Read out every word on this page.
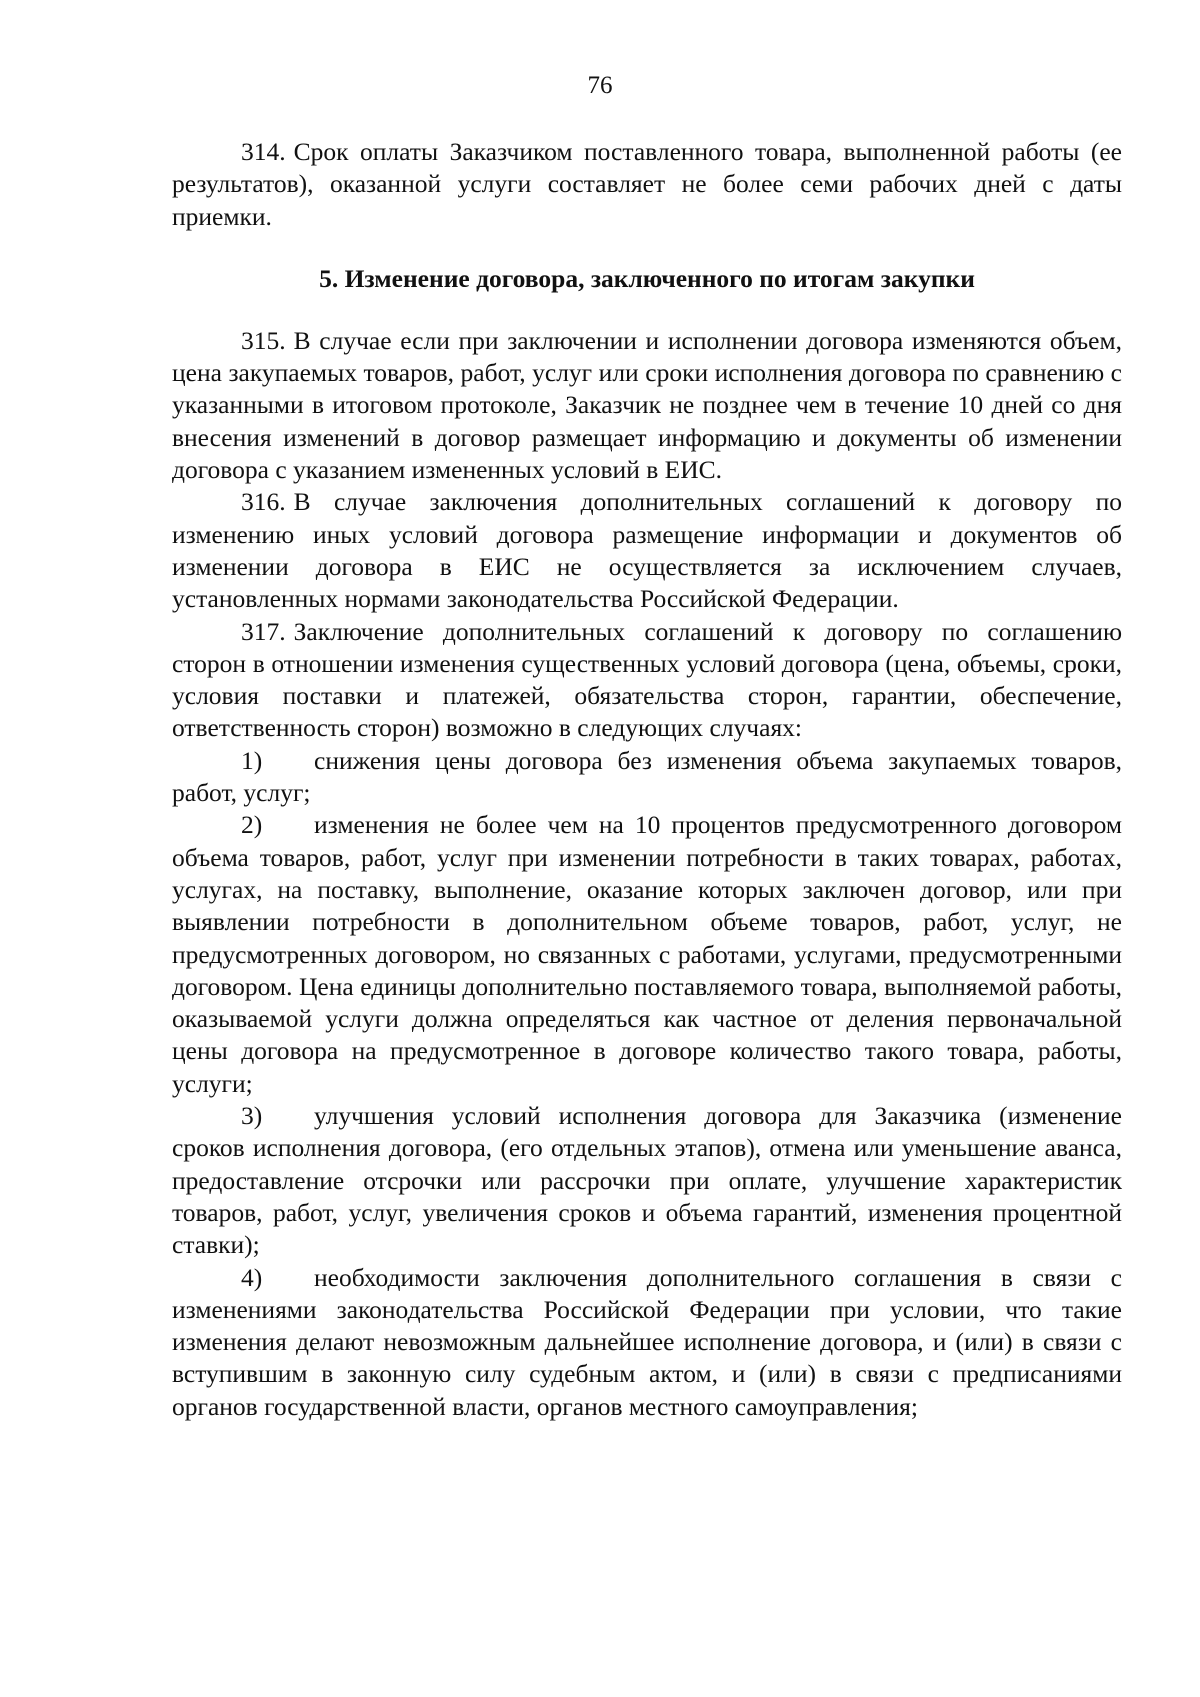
76

314. Срок оплаты Заказчиком поставленного товара, выполненной работы (ее результатов), оказанной услуги составляет не более семи рабочих дней с даты приемки.

5. Изменение договора, заключенного по итогам закупки

315. В случае если при заключении и исполнении договора изменяются объем, цена закупаемых товаров, работ, услуг или сроки исполнения договора по сравнению с указанными в итоговом протоколе, Заказчик не позднее чем в течение 10 дней со дня внесения изменений в договор размещает информацию и документы об изменении договора с указанием измененных условий в ЕИС.

316. В случае заключения дополнительных соглашений к договору по изменению иных условий договора размещение информации и документов об изменении договора в ЕИС не осуществляется за исключением случаев, установленных нормами законодательства Российской Федерации.

317. Заключение дополнительных соглашений к договору по соглашению сторон в отношении изменения существенных условий договора (цена, объемы, сроки, условия поставки и платежей, обязательства сторон, гарантии, обеспечение, ответственность сторон) возможно в следующих случаях:

1) снижения цены договора без изменения объема закупаемых товаров, работ, услуг;

2) изменения не более чем на 10 процентов предусмотренного договором объема товаров, работ, услуг при изменении потребности в таких товарах, работах, услугах, на поставку, выполнение, оказание которых заключен договор, или при выявлении потребности в дополнительном объеме товаров, работ, услуг, не предусмотренных договором, но связанных с работами, услугами, предусмотренными договором. Цена единицы дополнительно поставляемого товара, выполняемой работы, оказываемой услуги должна определяться как частное от деления первоначальной цены договора на предусмотренное в договоре количество такого товара, работы, услуги;

3) улучшения условий исполнения договора для Заказчика (изменение сроков исполнения договора, (его отдельных этапов), отмена или уменьшение аванса, предоставление отсрочки или рассрочки при оплате, улучшение характеристик товаров, работ, услуг, увеличения сроков и объема гарантий, изменения процентной ставки);

4) необходимости заключения дополнительного соглашения в связи с изменениями законодательства Российской Федерации при условии, что такие изменения делают невозможным дальнейшее исполнение договора, и (или) в связи с вступившим в законную силу судебным актом, и (или) в связи с предписаниями органов государственной власти, органов местного самоуправления;
